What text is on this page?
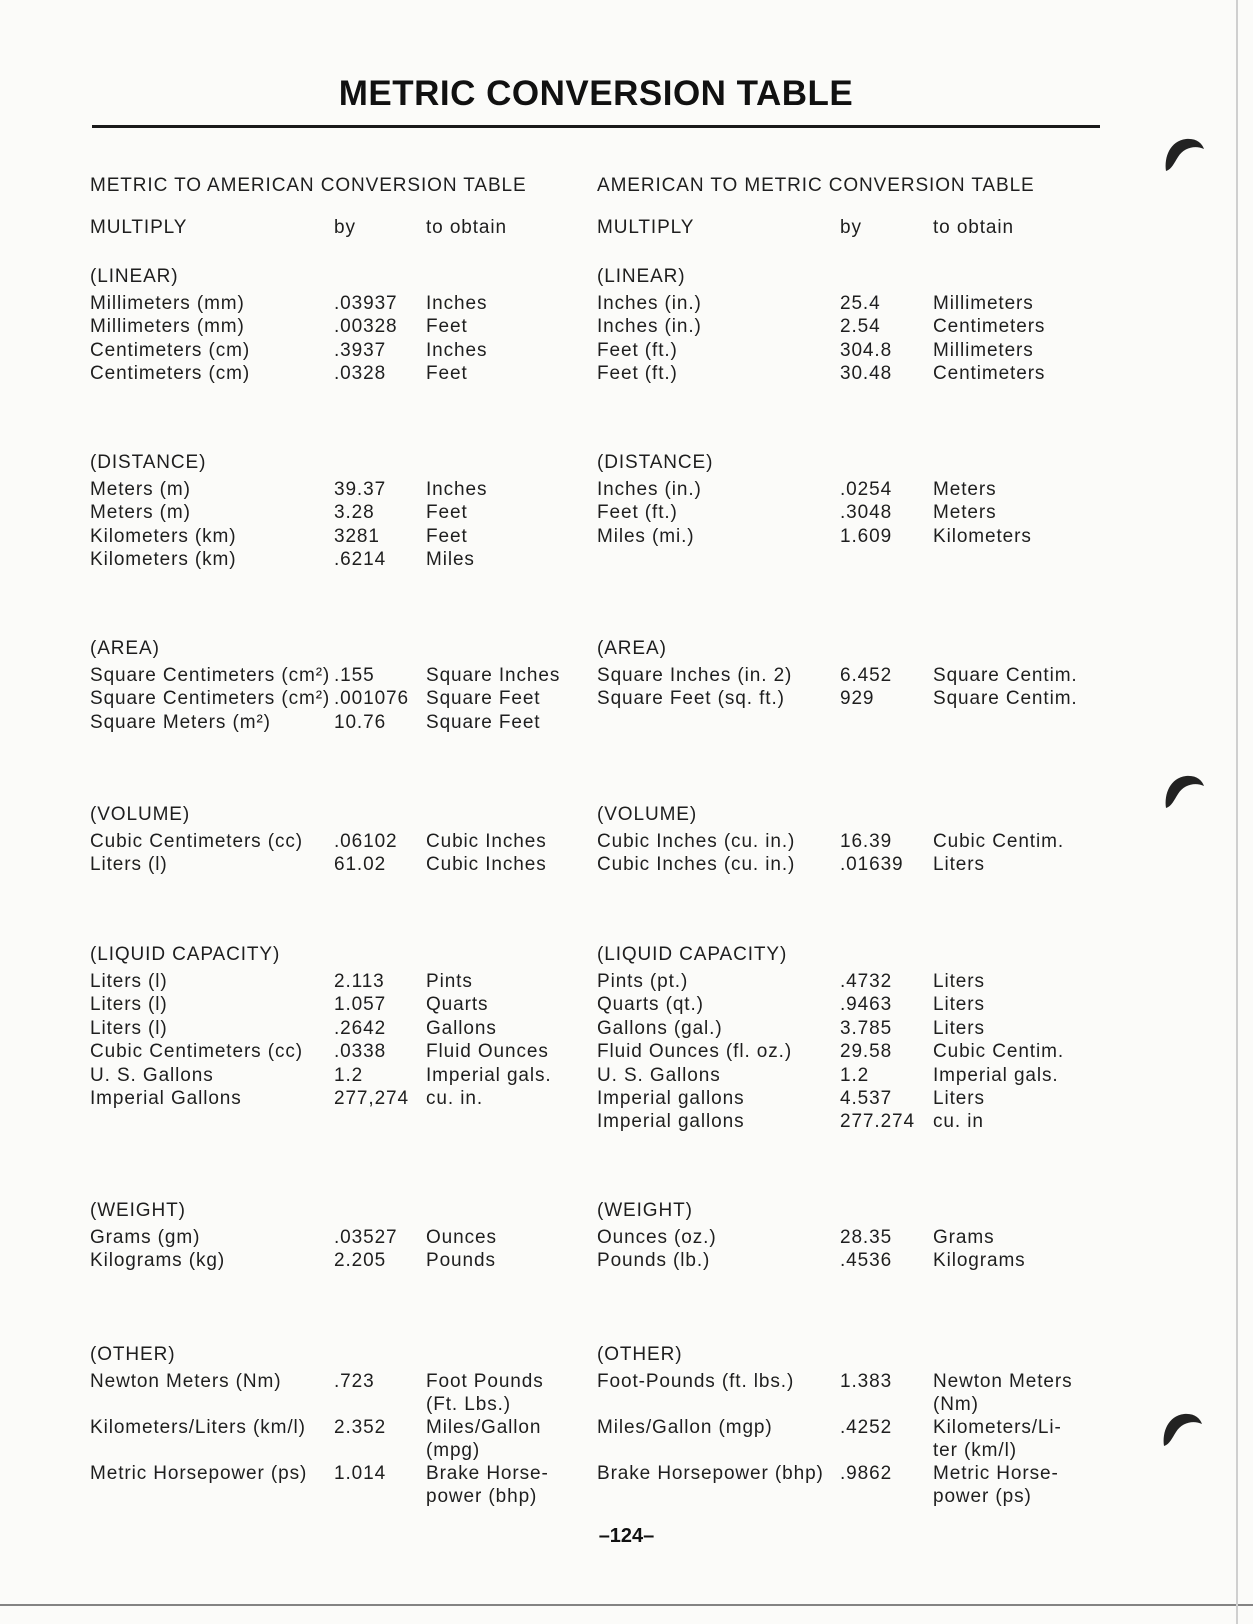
METRIC CONVERSION TABLE
METRIC TO AMERICAN CONVERSION TABLE
MULTIPLY	by	to obtain
(LINEAR)
Millimeters (mm)	.03937	Inches
Millimeters (mm)	.00328	Feet
Centimeters (cm)	.3937	Inches
Centimeters (cm)	.0328	Feet
(DISTANCE)
Meters (m)	39.37	Inches
Meters (m)	3.28	Feet
Kilometers (km)	3281	Feet
Kilometers (km)	.6214	Miles
(AREA)
Square Centimeters (cm²) .155	Square Inches
Square Centimeters (cm²) .001076 Square Feet
Square Meters (m²)	10.76	Square Feet
(VOLUME)
Cubic Centimeters (cc)	.06102	Cubic Inches
Liters (l)	61.02	Cubic Inches
(LIQUID CAPACITY)
Liters (l)	2.113	Pints
Liters (l)	1.057	Quarts
Liters (l)	.2642	Gallons
Cubic Centimeters (cc)	.0338	Fluid Ounces
U. S. Gallons	1.2	Imperial gals.
Imperial Gallons	277,274 cu. in.
(WEIGHT)
Grams (gm)	.03527	Ounces
Kilograms (kg)	2.205	Pounds
(OTHER)
Newton Meters (Nm)	.723	Foot Pounds (Ft. Lbs.)
Kilometers/Liters (km/l)	2.352	Miles/Gallon (mpg)
Metric Horsepower (ps)	1.014	Brake Horse-power (bhp)
AMERICAN TO METRIC CONVERSION TABLE
MULTIPLY	by	to obtain
(LINEAR)
Inches (in.)	25.4	Millimeters
Inches (in.)	2.54	Centimeters
Feet (ft.)	304.8	Millimeters
Feet (ft.)	30.48	Centimeters
(DISTANCE)
Inches (in.)	.0254	Meters
Feet (ft.)	.3048	Meters
Miles (mi.)	1.609	Kilometers
(AREA)
Square Inches (in. 2)	6.452	Square Centim.
Square Feet (sq. ft.)	929	Square Centim.
(VOLUME)
Cubic Inches (cu. in.)	16.39	Cubic Centim.
Cubic Inches (cu. in.)	.01639	Liters
(LIQUID CAPACITY)
Pints (pt.)	.4732	Liters
Quarts (qt.)	.9463	Liters
Gallons (gal.)	3.785	Liters
Fluid Ounces (fl. oz.)	29.58	Cubic Centim.
U. S. Gallons	1.2	Imperial gals.
Imperial gallons	4.537	Liters
Imperial gallons	277.274 cu. in
(WEIGHT)
Ounces (oz.)	28.35	Grams
Pounds (lb.)	.4536	Kilograms
(OTHER)
Foot-Pounds (ft. lbs.)	1.383	Newton Meters (Nm)
Miles/Gallon (mgp)	.4252	Kilometers/Li-ter (km/l)
Brake Horsepower (bhp) .9862	Metric Horse-power (ps)
–124–
